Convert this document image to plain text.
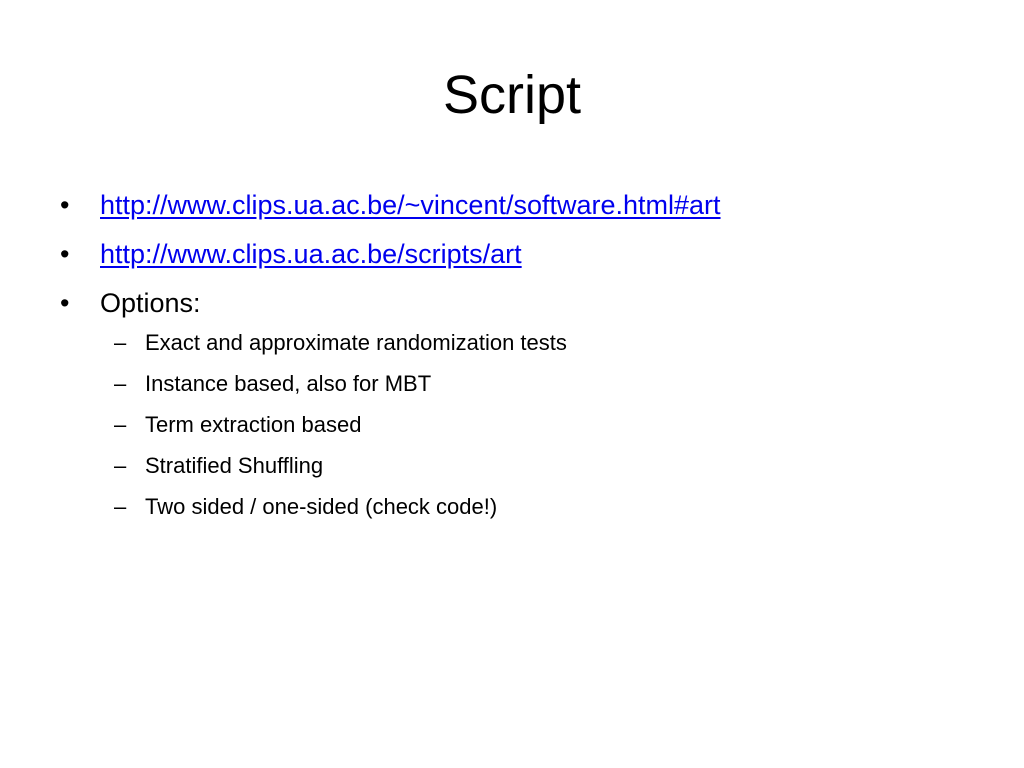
Script
• http://www.clips.ua.ac.be/~vincent/software.html#art
• http://www.clips.ua.ac.be/scripts/art
• Options:
– Exact and approximate randomization tests
– Instance based, also for MBT
– Term extraction based
– Stratified Shuffling
– Two sided / one-sided (check code!)
